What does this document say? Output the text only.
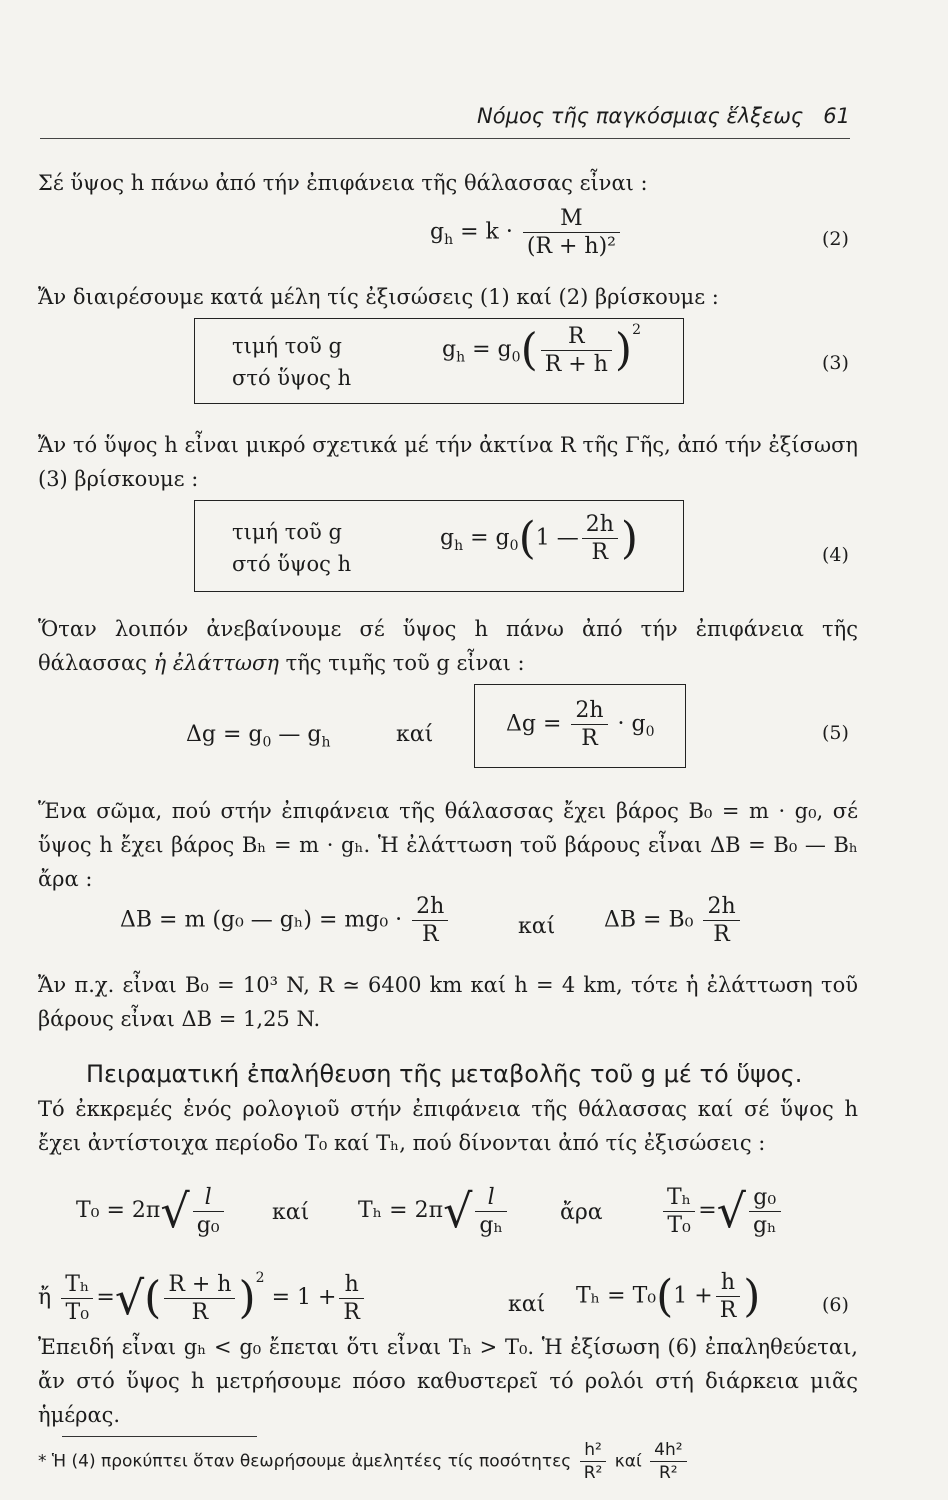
Νόμος τῆς παγκόσμιας ἕλξεως 61
Σέ ὕψος h πάνω ἀπό τήν ἐπιφάνεια τῆς θάλασσας εἶναι :
$g_h = k \cdot \frac{M}{\text{(R + h)²}}$	(2)
Ἄν διαιρέσουμε κατά μέλη τίς ἐξισώσεις (1) καί (2) βρίσκουμε :
τιμή τοῦ g
στό ὕψος h
$g_h = g_0( \frac{R}{R + h} )^2$
(3)
Ἄν τό ὕψος h εἶναι μικρό σχετικά μέ τήν ἀκτίνα R τῆς Γῆς, ἀπό τήν ἐξίσωση (3) βρίσκουμε :
τιμή τοῦ g
στό ὕψος h
$g_h = g_0(1$ — $\frac{2h}{R}$ )	(4)
Ὅταν λοιπόν ἀνεβαίνουμε σέ ὕψος h πάνω ἀπό τήν ἐπιφάνεια τῆς θάλασσας ἡ ἐλάττωση τῆς τιμῆς τοῦ g εἶναι :
$\Delta g = g_0$ — $g_h$	καί	$\Delta g = \frac{2h}{R} \cdot g_0$	(5)
Ἕνα σῶμα, πού στήν ἐπιφάνεια τῆς θάλασσας ἔχει βάρος B₀ = m · g₀, σέ ὕψος h ἔχει βάρος Bₕ = m · gₕ. Ἡ ἐλάττωση τοῦ βάρους εἶναι ΔB = B₀ — Bₕ ἄρα :
ΔB = m (g₀ — $g_h) = mg_0 \cdot \frac{2h}{R}$	καί $\Delta B = B_0 \frac{2h}{R}$
Ἄν π.χ. εἶναι B₀ = 10³ N, R ≃ 6400 km καί h = 4 km, τότε ἡ ἐλάττωση τοῦ βάρους εἶναι ΔB = 1,25 N.
Πειραματική ἐπαλήθευση τῆς μεταβολῆς τοῦ g μέ τό ὕψος.
Τό ἐκκρεμές ἑνός ρολογιοῦ στήν ἐπιφάνεια τῆς θάλασσας καί σέ ὕψος h ἔχει ἀντίστοιχα περίοδο T₀ καί Tₕ, πού δίνονται ἀπό τίς ἐξισώσεις :
$T_0 = 2\pi√ \frac{l}{\text{g₀}}$ καί $T_h = 2\pi√ \frac{l}{\text{gₕ}}$ ἄρα	$\frac{\text{Tₕ}}{\text{T₀}}$ =√ $\frac{\text{g₀}}{\text{gₕ}}$
ἤ $\frac{\text{Tₕ}}{\text{T₀}}$ =√( $\frac{R + h}{R} )^2 = 1 + \frac{h}{R}$	καί $T_h = T_0(1 + \frac{h}{R}$ )	(6)
Ἐπειδή εἶναι gₕ < g₀ ἔπεται ὅτι εἶναι Tₕ > T₀. Ἡ ἐξίσωση (6) ἐπαληθεύεται, ἄν στό ὕψος h μετρήσουμε πόσο καθυστερεῖ τό ρολόι στή διάρκεια μιᾶς ἡμέρας.
* Ἡ (4) προκύπτει ὅταν θεωρήσουμε ἀμελητέες τίς ποσότητες $\frac{\text{h²}}{\text{R²}}$ καί $\frac{\text{4h²}}{\text{R²}}$
